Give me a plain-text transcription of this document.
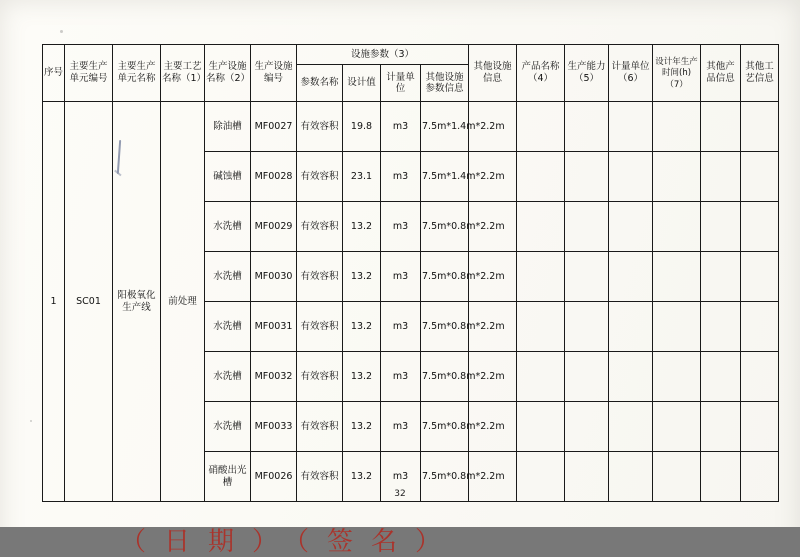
序号	主要生产单元编号	主要生产单元名称	主要工艺名称（1）	生产设施名称（2）	生产设施编号	设施参数（3）				其他设施信息	产品名称（4）	生产能力（5）	计量单位（6）	设计年生产时间(h)（7）	其他产品信息	其他工艺信息
						参数名称	设计值	计量单位	其他设施参数信息							
1	SC01	阳极氧化生产线	前处理	除油槽	MF0027	有效容积	19.8	m3	7.5m*1.4m*2.2m							
				碱蚀槽	MF0028	有效容积	23.1	m3	7.5m*1.4m*2.2m							
				水洗槽	MF0029	有效容积	13.2	m3	7.5m*0.8m*2.2m							
				水洗槽	MF0030	有效容积	13.2	m3	7.5m*0.8m*2.2m							
				水洗槽	MF0031	有效容积	13.2	m3	7.5m*0.8m*2.2m							
				水洗槽	MF0032	有效容积	13.2	m3	7.5m*0.8m*2.2m							
				水洗槽	MF0033	有效容积	13.2	m3	7.5m*0.8m*2.2m							
				硝酸出光槽	MF0026	有效容积	13.2	m3	7.5m*0.8m*2.2m							
32
（日期）（签名）
